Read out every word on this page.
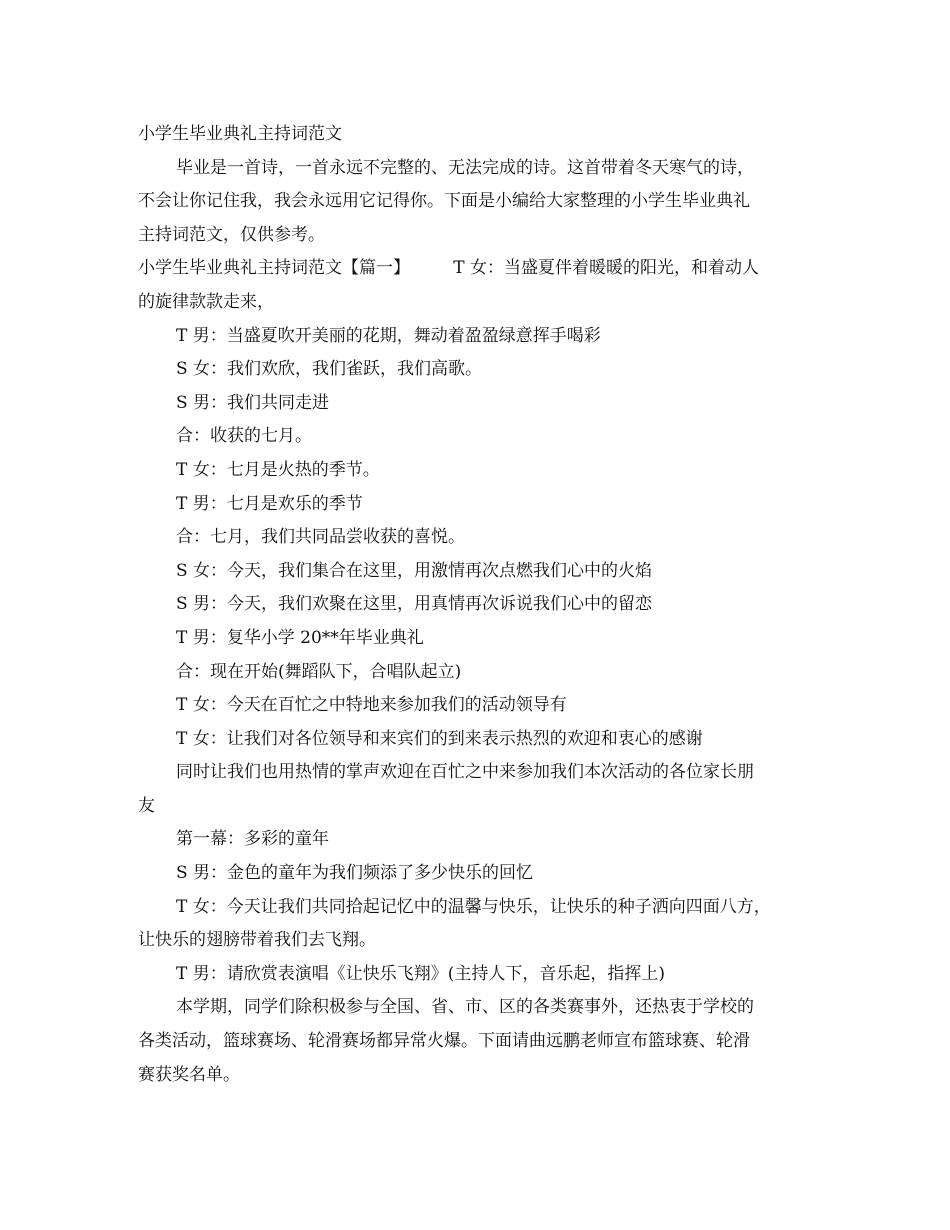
小学生毕业典礼主持词范文
毕业是一首诗，一首永远不完整的、无法完成的诗。这首带着冬天寒气的诗，
不会让你记住我，我会永远用它记得你。下面是小编给大家整理的小学生毕业典礼
主持词范文，仅供参考。
小学生毕业典礼主持词范文【篇一】        T 女：当盛夏伴着暖暖的阳光，和着动人
的旋律款款走来，
T 男：当盛夏吹开美丽的花期，舞动着盈盈绿意挥手喝彩
S 女：我们欢欣，我们雀跃，我们高歌。
S 男：我们共同走进
合：收获的七月。
T 女：七月是火热的季节。
T 男：七月是欢乐的季节
合：七月，我们共同品尝收获的喜悦。
S 女：今天，我们集合在这里，用激情再次点燃我们心中的火焰
S 男：今天，我们欢聚在这里，用真情再次诉说我们心中的留恋
T 男：复华小学 20**年毕业典礼
合：现在开始(舞蹈队下，合唱队起立)
T 女：今天在百忙之中特地来参加我们的活动领导有
T 女：让我们对各位领导和来宾们的到来表示热烈的欢迎和衷心的感谢
同时让我们也用热情的掌声欢迎在百忙之中来参加我们本次活动的各位家长朋
友
第一幕：多彩的童年
S 男：金色的童年为我们频添了多少快乐的回忆
T 女：今天让我们共同拾起记忆中的温馨与快乐，让快乐的种子洒向四面八方，
让快乐的翅膀带着我们去飞翔。
T 男：请欣赏表演唱《让快乐飞翔》(主持人下，音乐起，指挥上)
本学期，同学们除积极参与全国、省、市、区的各类赛事外，还热衷于学校的
各类活动，篮球赛场、轮滑赛场都异常火爆。下面请曲远鹏老师宣布篮球赛、轮滑
赛获奖名单。
